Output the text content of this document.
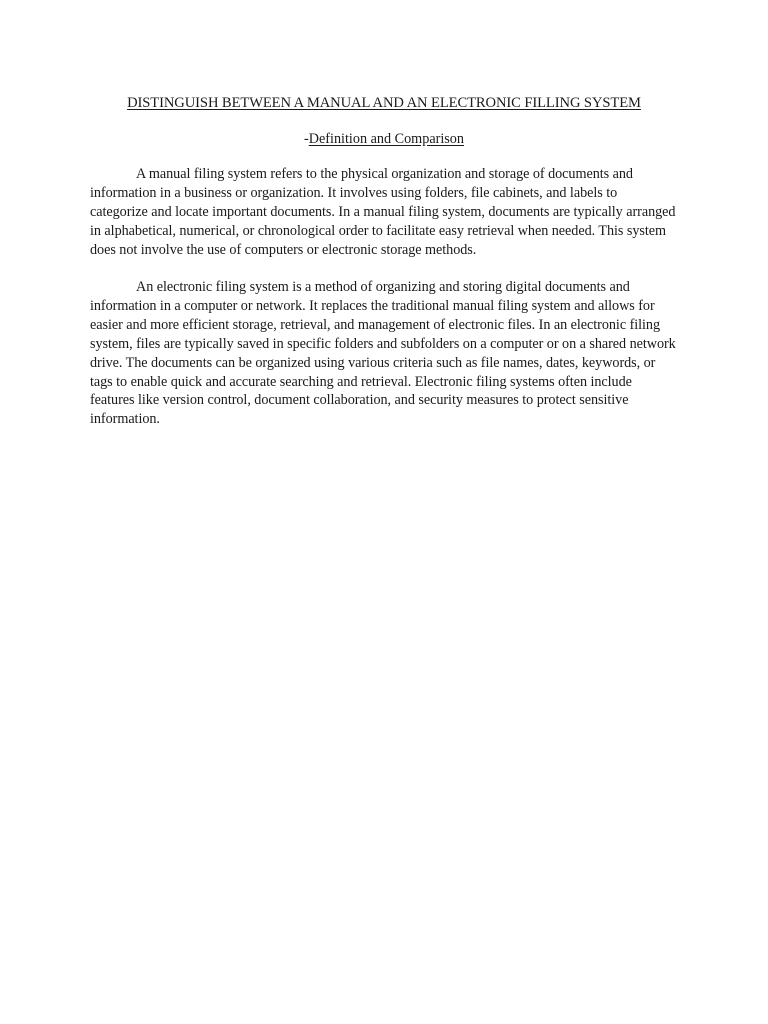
DISTINGUISH BETWEEN A MANUAL AND AN ELECTRONIC FILLING SYSTEM

-Definition and Comparison

A manual filing system refers to the physical organization and storage of documents and information in a business or organization. It involves using folders, file cabinets, and labels to categorize and locate important documents. In a manual filing system, documents are typically arranged in alphabetical, numerical, or chronological order to facilitate easy retrieval when needed. This system does not involve the use of computers or electronic storage methods.

An electronic filing system is a method of organizing and storing digital documents and information in a computer or network. It replaces the traditional manual filing system and allows for easier and more efficient storage, retrieval, and management of electronic files. In an electronic filing system, files are typically saved in specific folders and subfolders on a computer or on a shared network drive. The documents can be organized using various criteria such as file names, dates, keywords, or tags to enable quick and accurate searching and retrieval. Electronic filing systems often include features like version control, document collaboration, and security measures to protect sensitive information.
